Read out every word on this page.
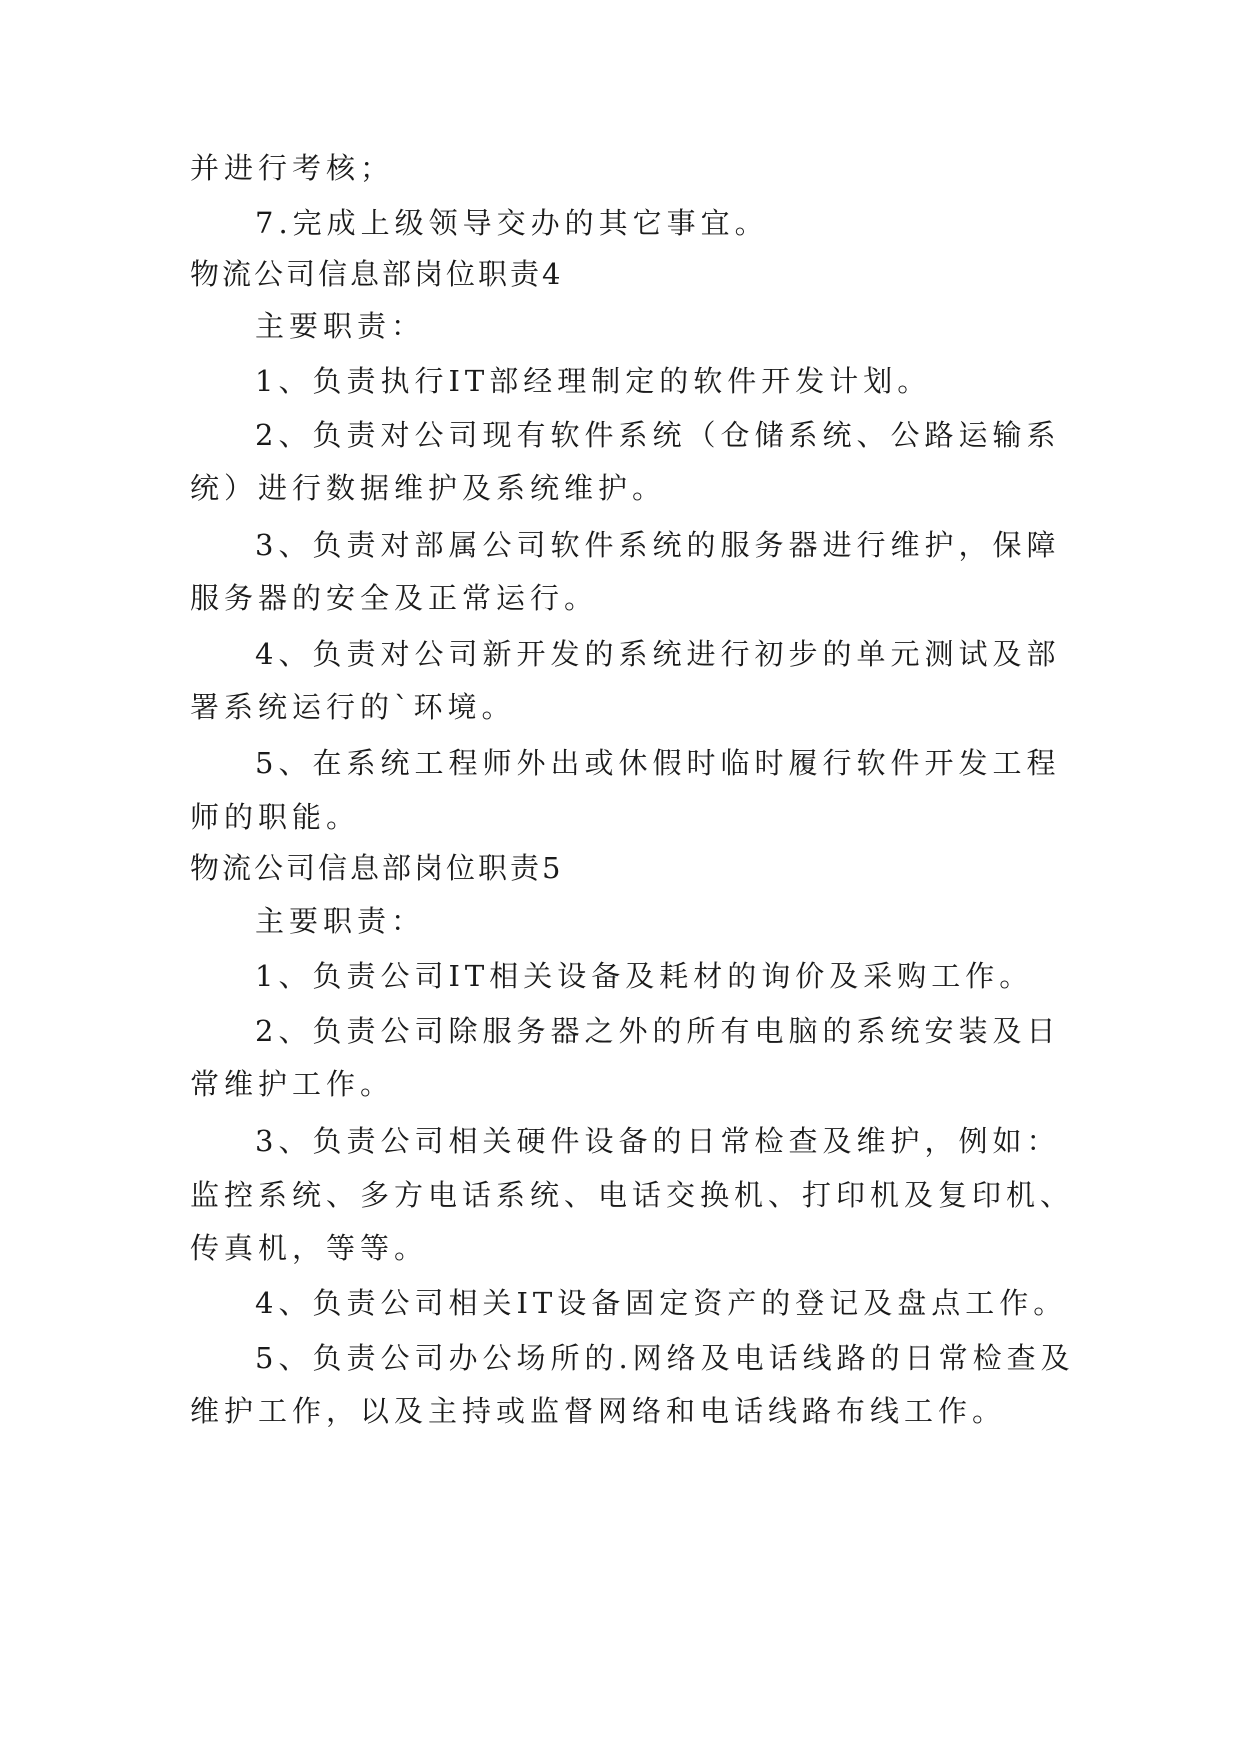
并进行考核；
7.完成上级领导交办的其它事宜。
物流公司信息部岗位职责4
主要职责：
1、负责执行IT部经理制定的软件开发计划。
2、负责对公司现有软件系统（仓储系统、公路运输系
统）进行数据维护及系统维护。
3、负责对部属公司软件系统的服务器进行维护，保障
服务器的安全及正常运行。
4、负责对公司新开发的系统进行初步的单元测试及部
署系统运行的`环境。
5、在系统工程师外出或休假时临时履行软件开发工程
师的职能。
物流公司信息部岗位职责5
主要职责：
1、负责公司IT相关设备及耗材的询价及采购工作。
2、负责公司除服务器之外的所有电脑的系统安装及日
常维护工作。
3、负责公司相关硬件设备的日常检查及维护，例如：
监控系统、多方电话系统、电话交换机、打印机及复印机、
传真机，等等。
4、负责公司相关IT设备固定资产的登记及盘点工作。
5、负责公司办公场所的.网络及电话线路的日常检查及
维护工作，以及主持或监督网络和电话线路布线工作。
